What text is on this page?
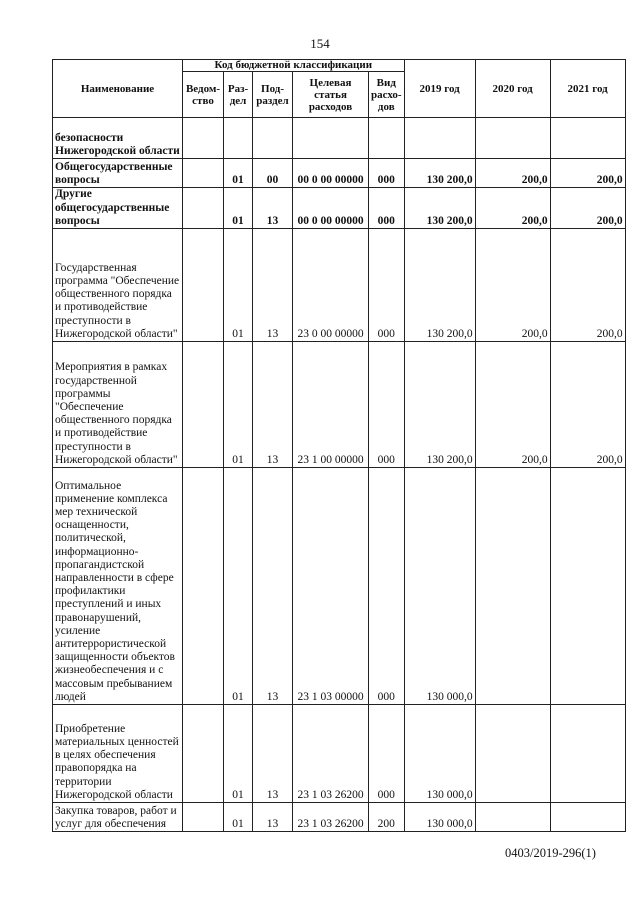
154
Наименование	Код бюджетной классификации					2019 год	2020 год	2021 год
	Ведом-ство	Раз-дел	Под-раздел	Целевая статья расходов	Вид расхо-дов			
безопасности Нижегородской области								
Общегосударственные вопросы		01	00	00 0 00 00000	000	130 200,0	200,0	200,0
Другие общегосударственные вопросы		01	13	00 0 00 00000	000	130 200,0	200,0	200,0
Государственная программа "Обеспечение общественного порядка и противодействие преступности в Нижегородской области"		01	13	23 0 00 00000	000	130 200,0	200,0	200,0
Мероприятия в рамках государственной программы "Обеспечение общественного порядка и противодействие преступности в Нижегородской области"		01	13	23 1 00 00000	000	130 200,0	200,0	200,0
Оптимальное применение комплекса мер технической оснащенности, политической, информационно-пропагандистской направленности в сфере профилактики преступлений и иных правонарушений, усиление антитеррористической защищенности объектов жизнеобеспечения и с массовым пребыванием людей		01	13	23 1 03 00000	000	130 000,0		
Приобретение материальных ценностей в целях обеспечения правопорядка на территории Нижегородской области		01	13	23 1 03 26200	000	130 000,0		
Закупка товаров, работ и услуг для обеспечения		01	13	23 1 03 26200	200	130 000,0		
0403/2019-296(1)
